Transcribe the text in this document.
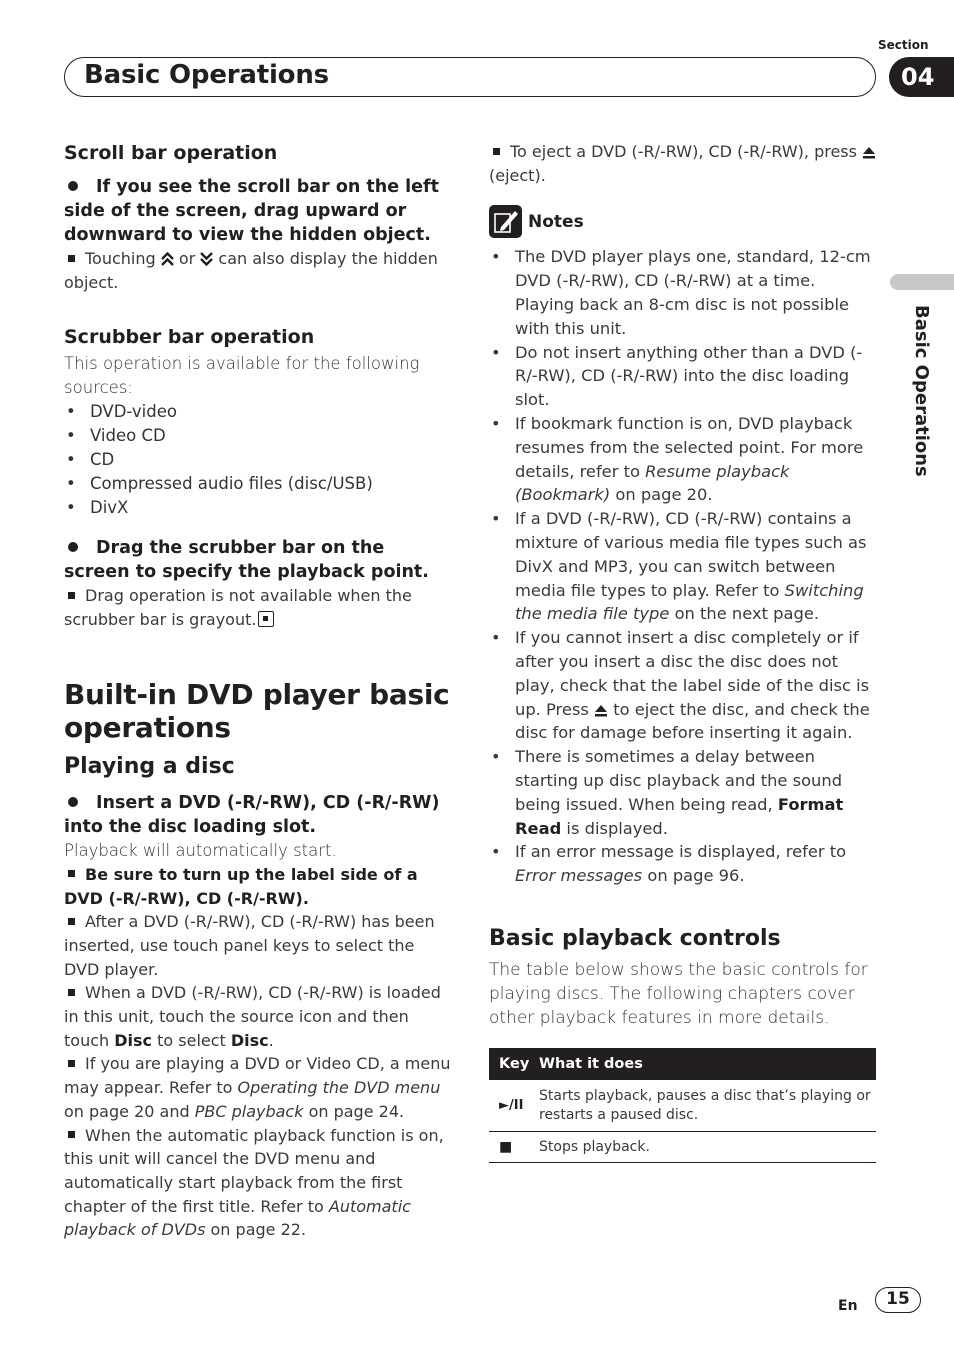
Section
Basic Operations	04
Basic Operations
Scroll bar operation
If you see the scroll bar on the left side of the screen, drag upward or downward to view the hidden object.
Touching or can also display the hidden object.
Scrubber bar operation
This operation is available for the following sources:
• DVD-video
• Video CD
• CD
• Compressed audio files (disc/USB)
• DivX
Drag the scrubber bar on the screen to specify the playback point.
Drag operation is not available when the scrubber bar is grayout.
Built-in DVD player basic operations
Playing a disc
Insert a DVD (-R/-RW), CD (-R/-RW) into the disc loading slot.
Playback will automatically start.
Be sure to turn up the label side of a DVD (-R/-RW), CD (-R/-RW).
After a DVD (-R/-RW), CD (-R/-RW) has been inserted, use touch panel keys to select the DVD player.
When a DVD (-R/-RW), CD (-R/-RW) is loaded in this unit, touch the source icon and then touch Disc to select Disc.
If you are playing a DVD or Video CD, a menu may appear. Refer to Operating the DVD menu on page 20 and PBC playback on page 24.
When the automatic playback function is on, this unit will cancel the DVD menu and automatically start playback from the first chapter of the first title. Refer to Automatic playback of DVDs on page 22.
To eject a DVD (-R/-RW), CD (-R/-RW), press  (eject).
Notes
• The DVD player plays one, standard, 12-cm DVD (-R/-RW), CD (-R/-RW) at a time. Playing back an 8-cm disc is not possible with this unit.
• Do not insert anything other than a DVD (-R/-RW), CD (-R/-RW) into the disc loading slot.
• If bookmark function is on, DVD playback resumes from the selected point. For more details, refer to Resume playback (Bookmark) on page 20.
• If a DVD (-R/-RW), CD (-R/-RW) contains a mixture of various media file types such as DivX and MP3, you can switch between media file types to play. Refer to Switching the media file type on the next page.
• If you cannot insert a disc completely or if after you insert a disc the disc does not play, check that the label side of the disc is up. Press to eject the disc, and check the disc for damage before inserting it again.
• There is sometimes a delay between starting up disc playback and the sound being issued. When being read, Format Read is displayed.
• If an error message is displayed, refer to Error messages on page 96.
Basic playback controls
The table below shows the basic controls for playing discs. The following chapters cover other playback features in more details.
Key	What it does
►/II	Starts playback, pauses a disc that’s playing or restarts a paused disc.
■	Stops playback.
En	15
